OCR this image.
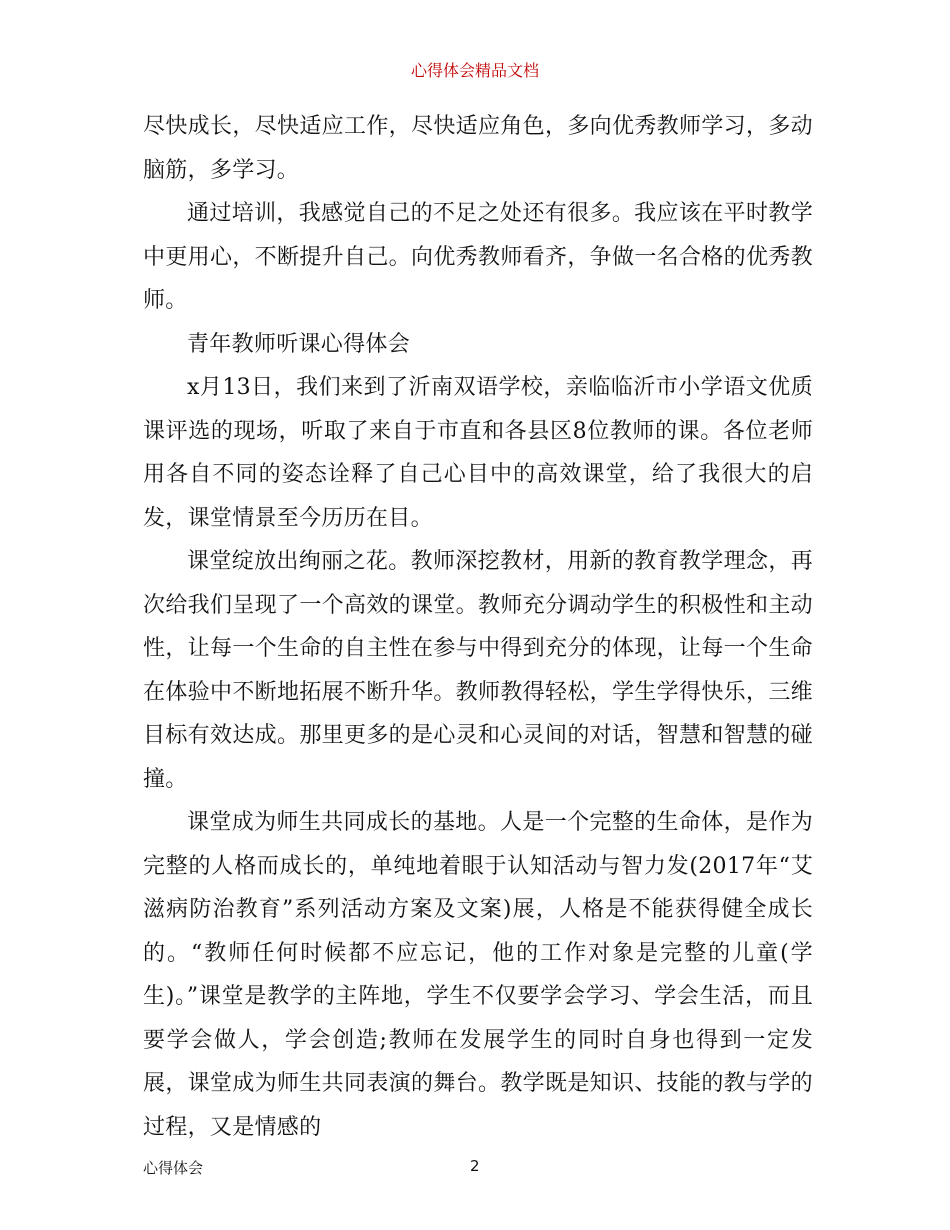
心得体会精品文档

尽快成长，尽快适应工作，尽快适应角色，多向优秀教师学习，多动脑筋，多学习。

通过培训，我感觉自己的不足之处还有很多。我应该在平时教学中更用心，不断提升自己。向优秀教师看齐，争做一名合格的优秀教师。

青年教师听课心得体会

x月13日，我们来到了沂南双语学校，亲临临沂市小学语文优质课评选的现场，听取了来自于市直和各县区8位教师的课。各位老师用各自不同的姿态诠释了自己心目中的高效课堂，给了我很大的启发，课堂情景至今历历在目。

课堂绽放出绚丽之花。教师深挖教材，用新的教育教学理念，再次给我们呈现了一个高效的课堂。教师充分调动学生的积极性和主动性，让每一个生命的自主性在参与中得到充分的体现，让每一个生命在体验中不断地拓展不断升华。教师教得轻松，学生学得快乐，三维目标有效达成。那里更多的是心灵和心灵间的对话，智慧和智慧的碰撞。

课堂成为师生共同成长的基地。人是一个完整的生命体，是作为完整的人格而成长的，单纯地着眼于认知活动与智力发(2017年“艾滋病防治教育”系列活动方案及文案)展，人格是不能获得健全成长的。“教师任何时候都不应忘记，他的工作对象是完整的儿童(学生)。”课堂是教学的主阵地，学生不仅要学会学习、学会生活，而且要学会做人，学会创造;教师在发展学生的同时自身也得到一定发展，课堂成为师生共同表演的舞台。教学既是知识、技能的教与学的过程，又是情感的

心得体会	2
